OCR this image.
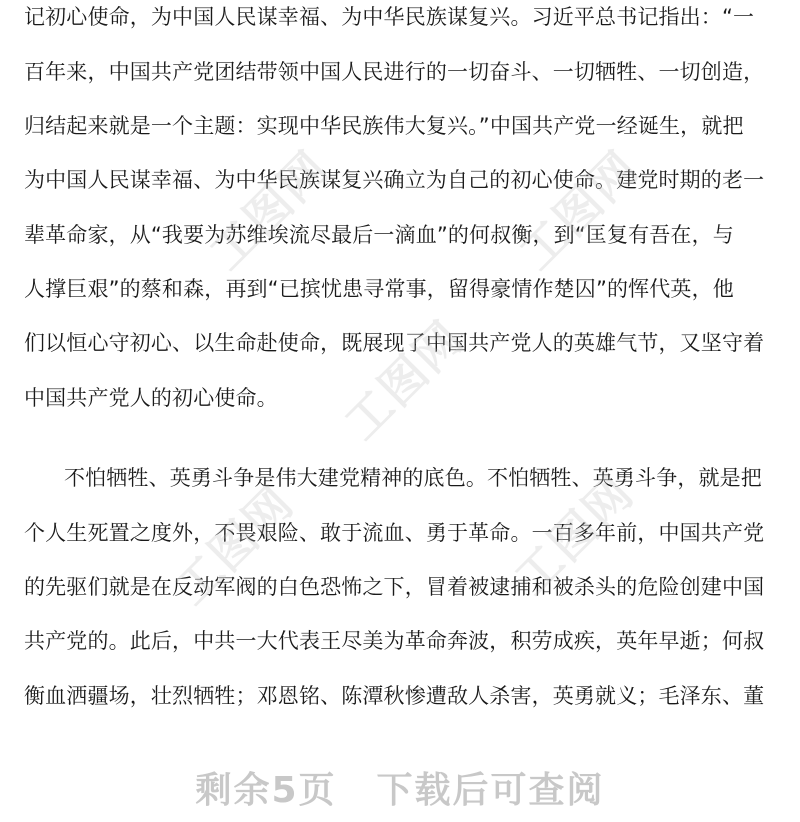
记初心使命，为中国人民谋幸福、为中华民族谋复兴。习近平总书记指出：“一
百年来，中国共产党团结带领中国人民进行的一切奋斗、一切牺牲、一切创造，
归结起来就是一个主题：实现中华民族伟大复兴。”中国共产党一经诞生，就把
为中国人民谋幸福、为中华民族谋复兴确立为自己的初心使命。建党时期的老一
辈革命家，从“我要为苏维埃流尽最后一滴血”的何叔衡，到“匡复有吾在，与
人撑巨艰”的蔡和森，再到“已摈忧患寻常事，留得豪情作楚囚”的恽代英，他
们以恒心守初心、以生命赴使命，既展现了中国共产党人的英雄气节，又坚守着
中国共产党人的初心使命。
不怕牺牲、英勇斗争是伟大建党精神的底色。不怕牺牲、英勇斗争，就是把
个人生死置之度外，不畏艰险、敢于流血、勇于革命。一百多年前，中国共产党
的先驱们就是在反动军阀的白色恐怖之下，冒着被逮捕和被杀头的危险创建中国
共产党的。此后，中共一大代表王尽美为革命奔波，积劳成疾，英年早逝；何叔
衡血洒疆场，壮烈牺牲；邓恩铭、陈潭秋惨遭敌人杀害，英勇就义；毛泽东、董
工图网	工图网
工图网
工图网	工图网
剩余5页 下载后可查阅
